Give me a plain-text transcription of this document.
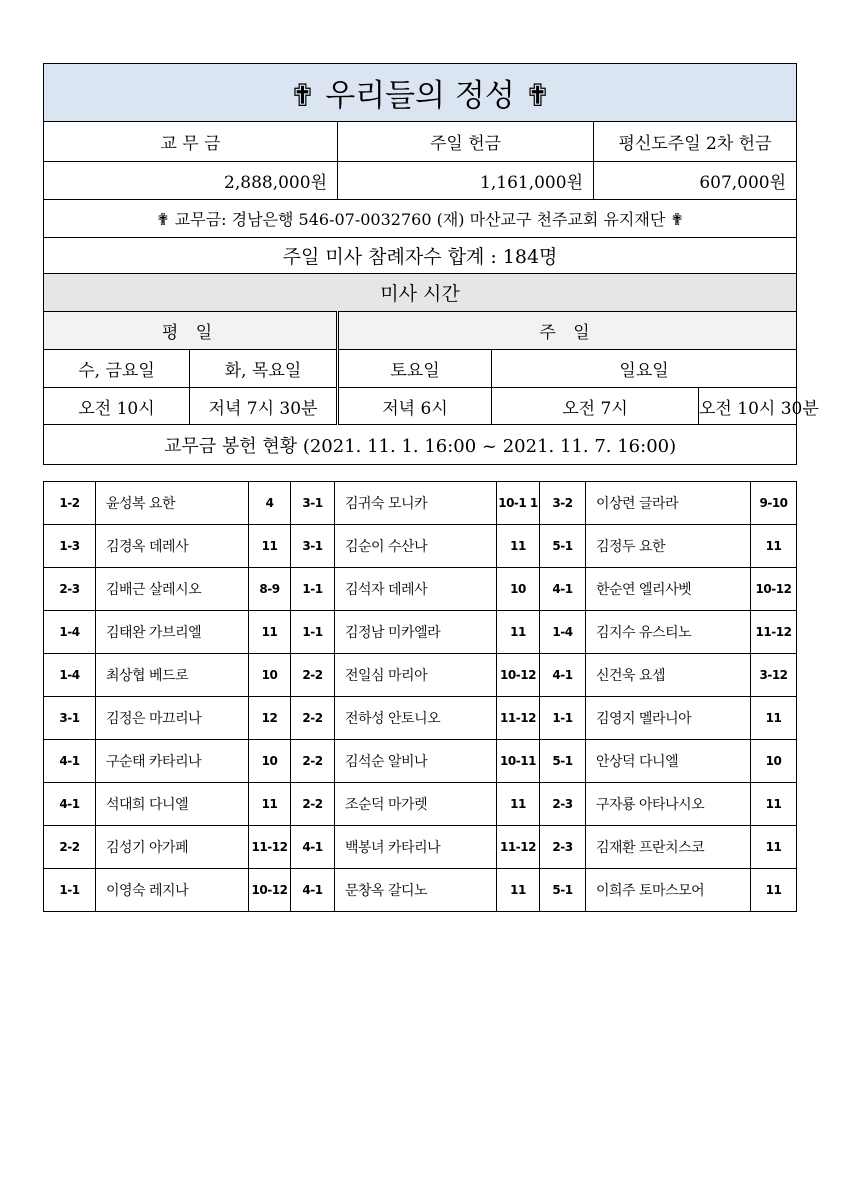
✟ 우리들의 정성 ✟					
교 무 금		주일 헌금		평신도주일 2차 헌금	
2,888,000원		1,161,000원		607,000원	
✟ 교무금: 경남은행 546-07-0032760 (재) 마산교구 천주교회 유지재단 ✟					
주일 미사 참례자수 합계 : 184명					
미사 시간					
평 일		주 일			
수, 금요일	화, 목요일	토요일	일요일		
오전 10시	저녁 7시 30분	저녁 6시	오전 7시		오전 10시 30분
교무금 봉헌 현황 (2021. 11. 1. 16:00 ~ 2021. 11. 7. 16:00)					
1-2	윤성복 요한	4	3-1	김귀숙 모니카	10-1 1	3-2	이상련 글라라	9-10
1-3	김경옥 데레사	11	3-1	김순이 수산나	11	5-1	김정두 요한	11
2-3	김배근 살레시오	8-9	1-1	김석자 데레사	10	4-1	한순연 엘리사벳	10-12
1-4	김태완 가브리엘	11	1-1	김정남 미카엘라	11	1-4	김지수 유스티노	11-12
1-4	최상협 베드로	10	2-2	전일심 마리아	10-12	4-1	신건욱 요셉	3-12
3-1	김정은 마끄리나	12	2-2	전하성 안토니오	11-12	1-1	김영지 멜라니아	11
4-1	구순태 카타리나	10	2-2	김석순 알비나	10-11	5-1	안상덕 다니엘	10
4-1	석대희 다니엘	11	2-2	조순덕 마가렛	11	2-3	구자룡 아타나시오	11
2-2	김성기 아가페	11-12	4-1	백봉녀 카타리나	11-12	2-3	김재환 프란치스코	11
1-1	이영숙 레지나	10-12	4-1	문창옥 갈디노	11	5-1	이희주 토마스모어	11
